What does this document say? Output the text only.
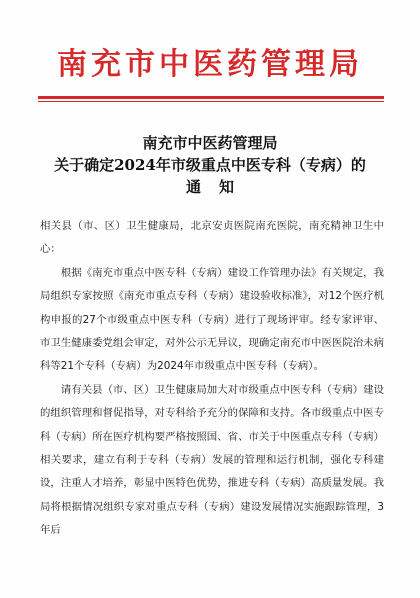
南充市中医药管理局
南充市中医药管理局
关于确定2024年市级重点中医专科（专病）的
通知

相关县（市、区）卫生健康局，北京安贞医院南充医院，南充精神卫生中心：

根据《南充市重点中医专科（专病）建设工作管理办法》有关规定，我局组织专家按照《南充市重点专科（专病）建设验收标准》，对12个医疗机构申报的27个市级重点中医专科（专病）进行了现场评审。经专家评审、市卫生健康委党组会审定，对外公示无异议，现确定南充市中医医院治未病科等21个专科（专病）为2024年市级重点中医专科（专病）。

请有关县（市、区）卫生健康局加大对市级重点中医专科（专病）建设的组织管理和督促指导，对专科给予充分的保障和支持。各市级重点中医专科（专病）所在医疗机构要严格按照国、省、市关于中医重点专科（专病）相关要求，建立有利于专科（专病）发展的管理和运行机制，强化专科建设，注重人才培养，彰显中医特色优势，推进专科（专病）高质量发展。我局将根据情况组织专家对重点专科（专病）建设发展情况实施跟踪管理，3年后
